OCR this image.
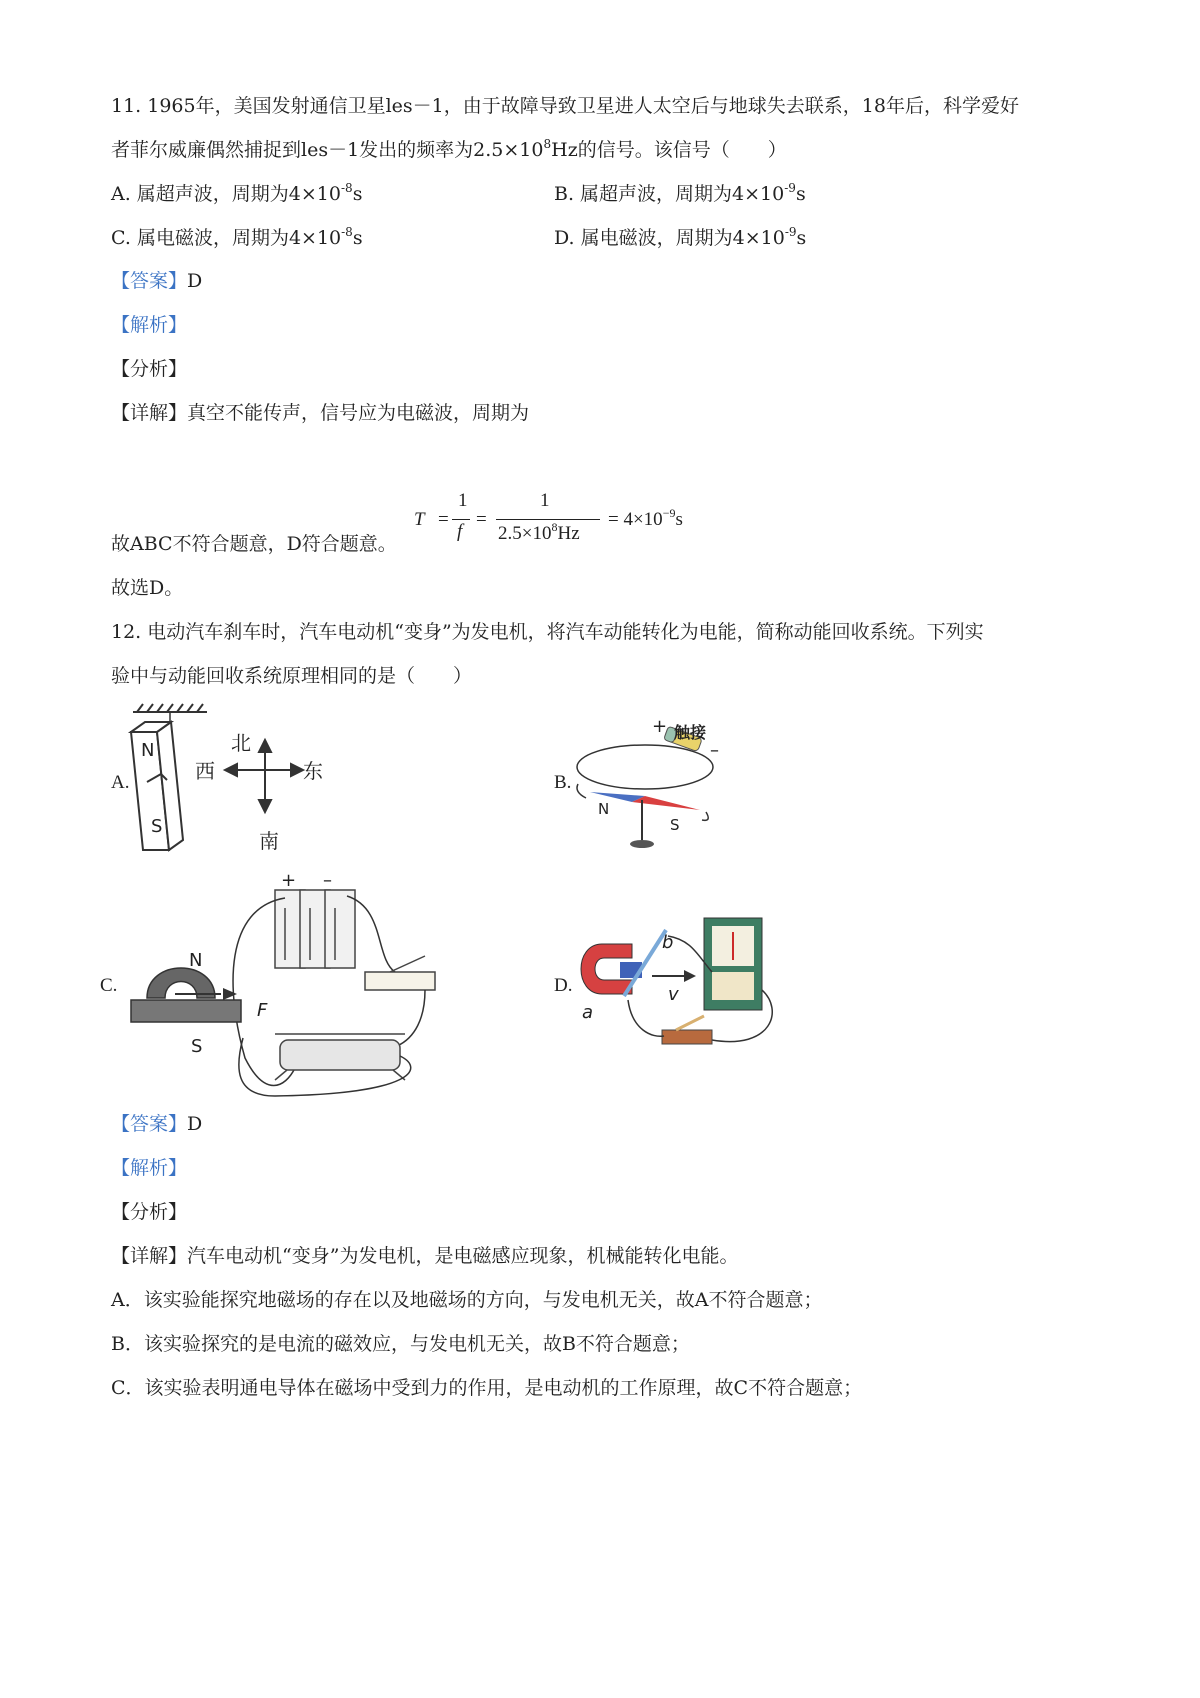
11. 1965年，美国发射通信卫星les－1，由于故障导致卫星进人太空后与地球失去联系，18年后，科学爱好
者菲尔威廉偶然捕捉到les－1发出的频率为$2.5\times 10^8Hz$的信号。该信号（　　）
A. 属超声波，周期为$4\times 10^{-8}s$	B. 属超声波，周期为$4\times 10^{-9}s$
C. 属电磁波，周期为$4\times 10^{-8}s$	D. 属电磁波，周期为$4\times 10^{-9}s$
【答案】D
【解析】
【分析】
【详解】真空不能传声，信号应为电磁波，周期为
T =
1
f
=
1
$2.5\times 10^8Hz$
= $4\times 10^{-9}s$
故ABC不符合题意，D符合题意。
故选D。
12. 电动汽车刹车时，汽车电动机“变身”为发电机，将汽车动能转化为电能，简称动能回收系统。下列实
验中与动能回收系统原理相同的是（　　）
A.
N
S
北
西	东
南
B.
+ 触接
–
N
S
C.
+ –
N
S
F
D.
b
a
v
【答案】D
【解析】
【分析】
【详解】汽车电动机“变身”为发电机，是电磁感应现象，机械能转化电能。
A．该实验能探究地磁场的存在以及地磁场的方向，与发电机无关，故A不符合题意；
B．该实验探究的是电流的磁效应，与发电机无关，故B不符合题意；
C．该实验表明通电导体在磁场中受到力的作用，是电动机的工作原理，故C不符合题意；
